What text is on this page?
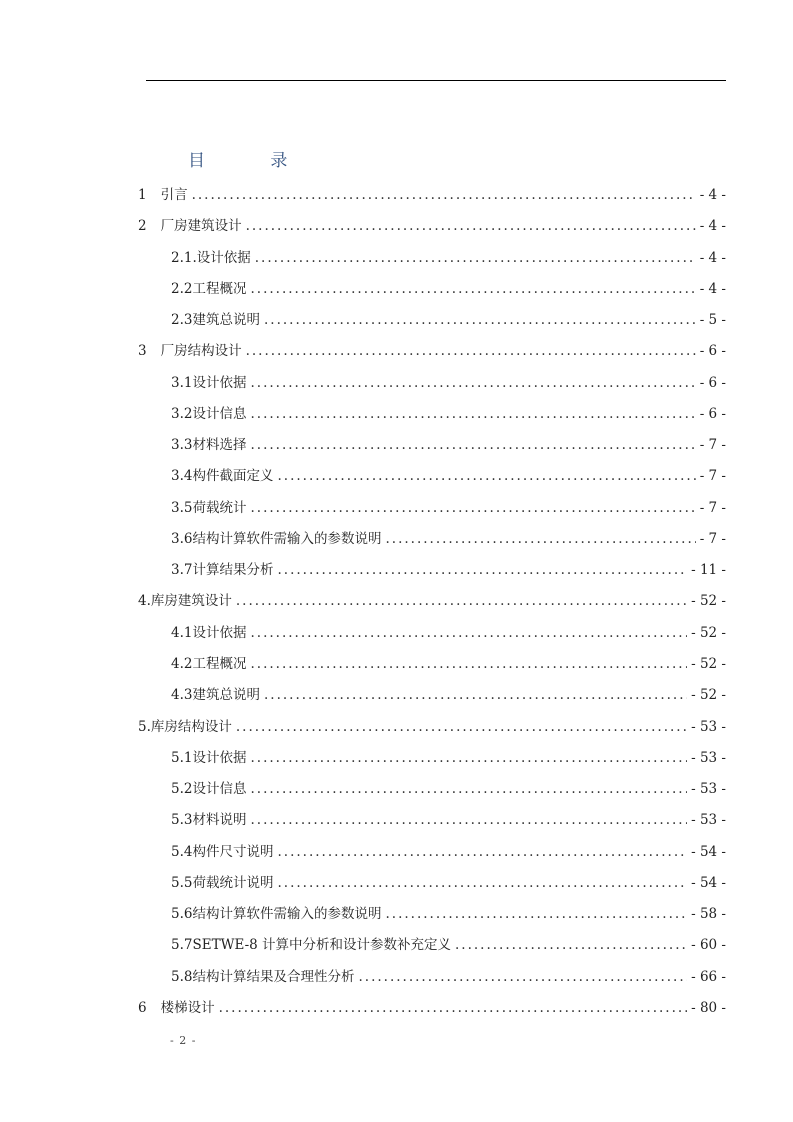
目 录
1 引言 .....	- 4 -
2 厂房建筑设计 .....	- 4 -
2.1. 设计依据 .....	- 4 -
2.2 工程概况 .....	- 4 -
2.3 建筑总说明 .....	- 5 -
3 厂房结构设计 .....	- 6 -
3.1 设计依据 .....	- 6 -
3.2 设计信息 .....	- 6 -
3.3 材料选择 .....	- 7 -
3.4 构件截面定义 .....	- 7 -
3.5 荷载统计 .....	- 7 -
3.6 结构计算软件需输入的参数说明 .....	- 7 -
3.7 计算结果分析 .....	- 11 -
4. 库房建筑设计 .....	- 52 -
4.1 设计依据 .....	- 52 -
4.2 工程概况 .....	- 52 -
4.3 建筑总说明 .....	- 52 -
5. 库房结构设计 .....	- 53 -
5.1 设计依据 .....	- 53 -
5.2 设计信息 .....	- 53 -
5.3 材料说明 .....	- 53 -
5.4 构件尺寸说明 .....	- 54 -
5.5 荷载统计说明 .....	- 54 -
5.6 结构计算软件需输入的参数说明 .....	- 58 -
5.7 SETWE-8 计算中分析和设计参数补充定义 .....	- 60 -
5.8 结构计算结果及合理性分析 .....	- 66 -
6 楼梯设计 .....	- 80 -
- 2 -
